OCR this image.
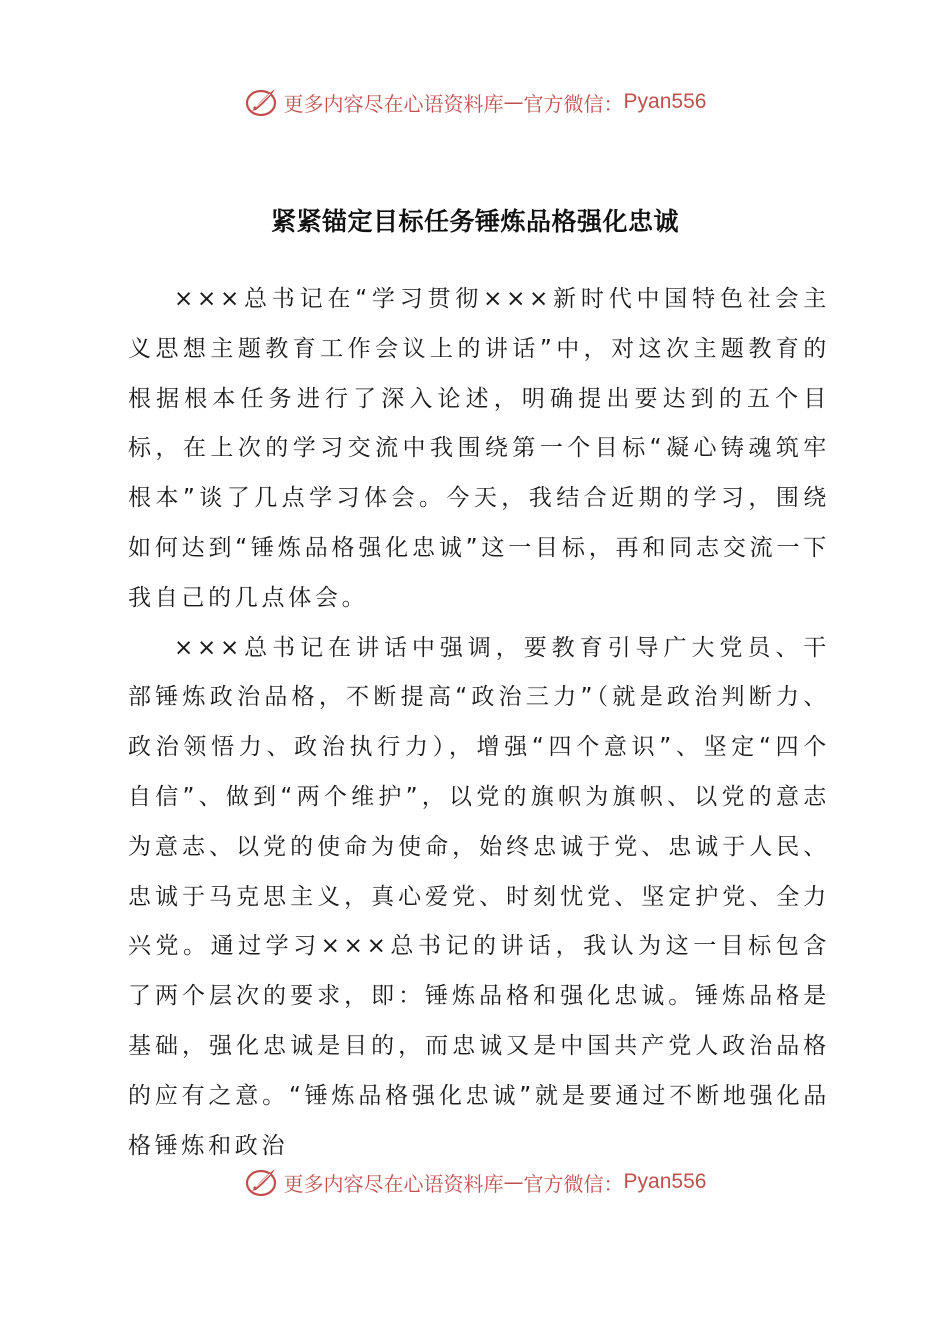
更多内容尽在心语资料库 — 官方微信： Pyan556
紧紧锚定目标任务锤炼品格强化忠诚

×××总书记在“学习贯彻×××新时代中国特色社会主义思想主题教育工作会议上的讲话”中，对这次主题教育的根据根本任务进行了深入论述，明确提出要达到的五个目标，在上次的学习交流中我围绕第一个目标“凝心铸魂筑牢根本”谈了几点学习体会。今天，我结合近期的学习，围绕如何达到“锤炼品格强化忠诚”这一目标，再和同志交流一下我自己的几点体会。

×××总书记在讲话中强调，要教育引导广大党员、干部锤炼政治品格，不断提高“政治三力”（就是政治判断力、政治领悟力、政治执行力），增强“四个意识”、坚定“四个自信”、做到“两个维护”，以党的旗帜为旗帜、以党的意志为意志、以党的使命为使命，始终忠诚于党、忠诚于人民、忠诚于马克思主义，真心爱党、时刻忧党、坚定护党、全力兴党。通过学习×××总书记的讲话，我认为这一目标包含了两个层次的要求，即：锤炼品格和强化忠诚。锤炼品格是基础，强化忠诚是目的，而忠诚又是中国共产党人政治品格的应有之意。“锤炼品格强化忠诚”就是要通过不断地强化品格锤炼和政治

更多内容尽在心语资料库 — 官方微信： Pyan556
